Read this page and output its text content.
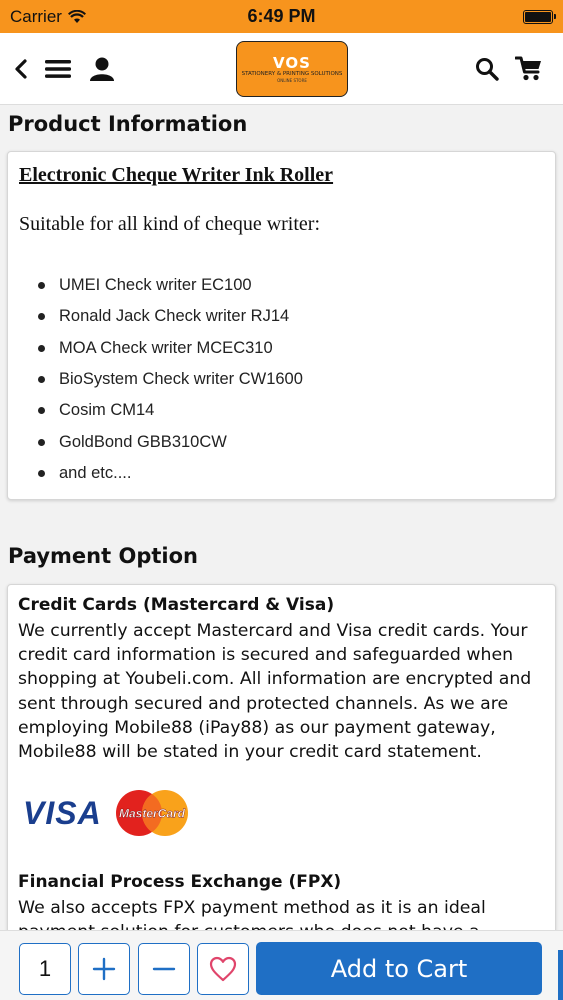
Carrier	6:49 PM
VOS
STATIONERY & PRINTING SOLUTIONS
ONLINE STORE
Product Information
Electronic Cheque Writer Ink Roller
Suitable for all kind of cheque writer:
UMEI Check writer EC100
Ronald Jack Check writer RJ14
MOA Check writer MCEC310
BioSystem Check writer CW1600
Cosim CM14
GoldBond GBB310CW
and etc....
Payment Option
Credit Cards (Mastercard & Visa)
We currently accept Mastercard and Visa credit cards. Your
credit card information is secured and safeguarded when
shopping at Youbeli.com. All information are encrypted and
sent through secured and protected channels. As we are
employing Mobile88 (iPay88) as our payment gateway,
Mobile88 will be stated in your credit card statement.
VISA MasterCard
Financial Process Exchange (FPX)
We also accepts FPX payment method as it is an ideal
1	Add to Cart
